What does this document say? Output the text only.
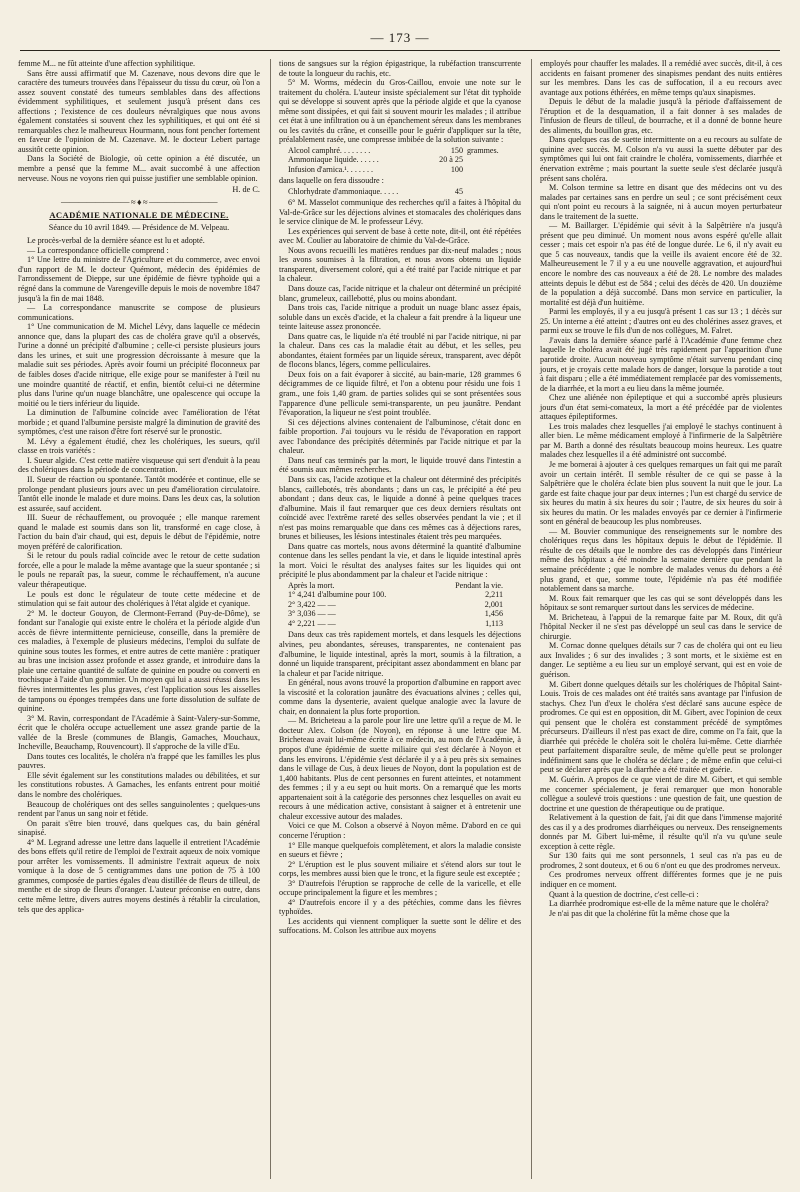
— 173 —

femme M... ne fût atteinte d'une affection syphilitique.

Sans être aussi affirmatif que M. Cazenave, nous devons dire que le caractère des tumeurs trouvées dans l'épaisseur du tissu du cœur, où l'on a assez souvent constaté des tumeurs semblables dans des affections évidemment syphilitiques, et seulement jusqu'à présent dans ces affections ; l'existence de ces douleurs névralgiques que nous avons également constatées si souvent chez les syphilitiques, et qui ont été si remarquables chez le malheureux Hourmann, nous font pencher fortement en faveur de l'opinion de M. Cazenave. M. le docteur Lebert partage aussitôt cette opinion.

Dans la Société de Biologie, où cette opinion a été discutée, un membre a pensé que la femme M... avait succombé à une affection nerveuse. Nous ne voyons rien qui puisse justifier une semblable opinion.

H. de C.
———————— ≈ ♦ ≈ ————————
ACADÉMIE NATIONALE DE MÉDECINE.
Séance du 10 avril 1849. — Présidence de M. Velpeau.

Le procès-verbal de la dernière séance est lu et adopté.

— La correspondance officielle comprend :

1° Une lettre du ministre de l'Agriculture et du commerce, avec envoi d'un rapport de M. le docteur Quémont, médecin des épidémies de l'arrondissement de Dieppe, sur une épidémie de fièvre typhoïde qui a régné dans la commune de Varengeville depuis le mois de novembre 1847 jusqu'à la fin de mai 1848.

— La correspondance manuscrite se compose de plusieurs communications.

1° Une communication de M. Michel Lévy, dans laquelle ce médecin annonce que, dans la plupart des cas de choléra grave qu'il a observés, l'urine a donné un précipité d'albumine ; celle-ci persiste plusieurs jours dans les urines, et suit une progression décroissante à mesure que la maladie suit ses périodes. Après avoir fourni un précipité floconneux par de faibles doses d'acide nitrique, elle exige pour se manifester à l'œil nu une moindre quantité de réactif, et enfin, bientôt celui-ci ne détermine plus dans l'urine qu'un nuage blanchâtre, une opalescence qui occupe la moitié ou le tiers inférieur du liquide.

La diminution de l'albumine coïncide avec l'amélioration de l'état morbide ; et quand l'albumine persiste malgré la diminution de gravité des symptômes, c'est une raison d'être fort réservé sur le pronostic.

M. Lévy a également étudié, chez les cholériques, les sueurs, qu'il classe en trois variétés :

I. Sueur algide. C'est cette matière visqueuse qui sert d'enduit à la peau des cholériques dans la période de concentration.

II. Sueur de réaction ou spontanée. Tantôt modérée et continue, elle se prolonge pendant plusieurs jours avec un peu d'amélioration circulatoire. Tantôt elle inonde le malade et dure moins. Dans les deux cas, la solution est assurée, sauf accident.

III. Sueur de réchauffement, ou provoquée ; elle manque rarement quand le malade est soumis dans son lit, transformé en cage close, à l'action du bain d'air chaud, qui est, depuis le début de l'épidémie, notre moyen préféré de calorification.

Si le retour du pouls radial coïncide avec le retour de cette sudation forcée, elle a pour le malade la même avantage que la sueur spontanée ; si le pouls ne reparaît pas, la sueur, comme le réchauffement, n'a aucune valeur thérapeutique.

Le pouls est donc le régulateur de toute cette médecine et de stimulation qui se fait autour des cholériques à l'état algide et cyanique.

2° M. le docteur Gouyon, de Clermont-Ferrand (Puy-de-Dôme), se fondant sur l'analogie qui existe entre le choléra et la période algide d'un accès de fièvre intermittente pernicieuse, conseille, dans la première de ces maladies, à l'exemple de plusieurs médecins, l'emploi du sulfate de quinine sous toutes les formes, et entre autres de cette manière : pratiquer au bras une incision assez profonde et assez grande, et introduire dans la plaie une certaine quantité de sulfate de quinine en poudre ou converti en trochisque à l'aide d'un gommier. Un moyen qui lui a aussi réussi dans les fièvres intermittentes les plus graves, c'est l'application sous les aisselles de tampons ou éponges trempées dans une forte dissolution de sulfate de quinine.

3° M. Ravin, correspondant de l'Académie à Saint-Valery-sur-Somme, écrit que le choléra occupe actuellement une assez grande partie de la vallée de la Bresle (communes de Blangis, Gamaches, Mouchaux, Incheville, Beauchamp, Rouvencourt). Il s'approche de la ville d'Eu.

Dans toutes ces localités, le choléra n'a frappé que les familles les plus pauvres.

Elle sévit également sur les constitutions malades ou débilitées, et sur les constitutions robustes. A Gamaches, les enfants entrent pour moitié dans le nombre des cholériques.

Beaucoup de cholériques ont des selles sanguinolentes ; quelques-uns rendent par l'anus un sang noir et fétide.

On parait s'être bien trouvé, dans quelques cas, du bain général sinapisé.

4° M. Legrand adresse une lettre dans laquelle il entretient l'Académie des bons effets qu'il retire de l'emploi de l'extrait aqueux de noix vomique pour arrêter les vomissements. Il administre l'extrait aqueux de noix vomique à la dose de 5 centigrammes dans une potion de 75 à 100 grammes, composée de parties égales d'eau distillée de fleurs de tilleul, de menthe et de sirop de fleurs d'oranger. L'auteur préconise en outre, dans cette même lettre, divers autres moyens destinés à rétablir la circulation, tels que des applica-

tions de sangsues sur la région épigastrique, la rubéfaction transcurrente de toute la longueur du rachis, etc.

5° M. Worms, médecin du Gros-Caillou, envoie une note sur le traitement du choléra. L'auteur insiste spécialement sur l'état dit typhoïde qui se développe si souvent après que la période algide et que la cyanose même sont dissipées, et qui fait si souvent mourir les malades ; il attribue cet état à une infiltration ou à un épanchement séreux dans les membranes ou les cavités du crâne, et conseille pour le guérir d'appliquer sur la tête, préalablement rasée, une compresse imbibée de la solution suivante :

Alcool camphré. . . . . . . .	150	grammes.
Ammoniaque liquide. . . . . .	20 à 25	
Infusion d'arnica.¹. . . . . . .	100	

dans laquelle on fera dissoudre :

Chlorhydrate d'ammoniaque. . . . .	45	

6° M. Masselot communique des recherches qu'il a faites à l'hôpital du Val-de-Grâce sur les déjections alvines et stomacales des cholériques dans le service clinique de M. le professeur Lévy.

Les expériences qui servent de base à cette note, dit-il, ont été répétées avec M. Coulier au laboratoire de chimie du Val-de-Grâce.

Nous avons recueilli les matières rendues par dix-neuf malades ; nous les avons soumises à la filtration, et nous avons obtenu un liquide transparent, diversement coloré, qui a été traité par l'acide nitrique et par la chaleur.

Dans douze cas, l'acide nitrique et la chaleur ont déterminé un précipité blanc, grumeleux, caillebotté, plus ou moins abondant.

Dans trois cas, l'acide nitrique a produit un nuage blanc assez épais, soluble dans un excès d'acide, et la chaleur a fait prendre à la liqueur une teinte laiteuse assez prononcée.

Dans quatre cas, le liquide n'a été troublé ni par l'acide nitrique, ni par la chaleur. Dans ces cas la maladie était au début, et les selles, peu abondantes, étaient formées par un liquide séreux, transparent, avec dépôt de flocons blancs, légers, comme pelliculaires.

Deux fois on a fait évaporer à siccité, au bain-marie, 128 grammes 6 décigrammes de ce liquide filtré, et l'on a obtenu pour résidu une fois 1 gram., une fois 1,40 gram. de parties solides qui se sont présentées sous l'apparence d'une pellicule semi-transparente, un peu jaunâtre. Pendant l'évaporation, la liqueur ne s'est point troublée.

Si ces déjections alvines contenaient de l'albuminose, c'était donc en faible proportion. J'ai toujours vu le résidu de l'évaporation en rapport avec l'abondance des précipités déterminés par l'acide nitrique et par la chaleur.

Dans neuf cas terminés par la mort, le liquide trouvé dans l'intestin a été soumis aux mêmes recherches.

Dans six cas, l'acide azotique et la chaleur ont déterminé des précipités blancs, caillebotés, très abondants ; dans un cas, le précipité a été peu abondant ; dans deux cas, le liquide a donné à peine quelques traces d'albumine. Mais il faut remarquer que ces deux derniers résultats ont coïncidé avec l'extrême rareté des selles observées pendant la vie ; et il n'est pas moins remarquable que dans ces mêmes cas à déjections rares, brunes et bilieuses, les lésions intestinales étaient très peu marquées.

Dans quatre cas mortels, nous avons déterminé la quantité d'albumine contenue dans les selles pendant la vie, et dans le liquide intestinal après la mort. Voici le résultat des analyses faites sur les liquides qui ont précipité le plus abondamment par la chaleur et l'acide nitrique :

Après la mort.	Pendant la vie.
1° 4,241 d'albumine pour 100.	2,211
2° 3,422 — —	2,001
3° 3,036 — —	1,456
4° 2,221 — —	1,113

Dans deux cas très rapidement mortels, et dans lesquels les déjections alvines, peu abondantes, séreuses, transparentes, ne contenaient pas d'albumine, le liquide intestinal, après la mort, soumis à la filtration, a donné un liquide transparent, précipitant assez abondamment en blanc par la chaleur et par l'acide nitrique.

En général, nous avons trouvé la proportion d'albumine en rapport avec la viscosité et la coloration jaunâtre des évacuations alvines ; celles qui, comme dans la dysenterie, avaient quelque analogie avec la lavure de chair, en donnaient la plus forte proportion.

— M. Bricheteau a la parole pour lire une lettre qu'il a reçue de M. le docteur Alex. Colson (de Noyon), en réponse à une lettre que M. Bricheteau avait lui-même écrite à ce médecin, au nom de l'Académie, à propos d'une épidémie de suette miliaire qui s'est déclarée à Noyon et dans les environs. L'épidémie s'est déclarée il y a à peu près six semaines dans le village de Cus, à deux lieues de Noyon, dont la population est de 1,400 habitants. Plus de cent personnes en furent atteintes, et notamment des femmes ; il y a eu sept ou huit morts. On a remarqué que les morts appartenaient soit à la catégorie des personnes chez lesquelles on avait eu recours à une médication active, consistant à saigner et à entretenir une chaleur excessive autour des malades.

Voici ce que M. Colson a observé à Noyon même. D'abord en ce qui concerne l'éruption :

1° Elle manque quelquefois complètement, et alors la maladie consiste en sueurs et fièvre ;

2° L'éruption est le plus souvent miliaire et s'étend alors sur tout le corps, les membres aussi bien que le tronc, et la figure seule est exceptée ;

3° D'autrefois l'éruption se rapproche de celle de la varicelle, et elle occupe principalement la figure et les membres ;

4° D'autrefois encore il y a des pétéchies, comme dans les fièvres typhoïdes.

Les accidents qui viennent compliquer la suette sont le délire et des suffocations. M. Colson les attribue aux moyens

employés pour chauffer les malades. Il a remédié avec succès, dit-il, à ces accidents en faisant promener des sinapismes pendant des nuits entières sur les membres. Dans les cas de suffocation, il a eu recours avec avantage aux potions éthérées, en même temps qu'aux sinapismes.

Depuis le début de la maladie jusqu'à la période d'affaissement de l'éruption et de la desquamation, il a fait donner à ses malades de l'infusion de fleurs de tilleul, de bourrache, et il a donné de bonne heure des aliments, du bouillon gras, etc.

Dans quelques cas de suette intermittente on a eu recours au sulfate de quinine avec succès. M. Colson n'a vu aussi la suette débuter par des symptômes qui lui ont fait craindre le choléra, vomissements, diarrhée et énervation extrême ; mais pourtant la suette seule s'est déclarée jusqu'à présent sans choléra.

M. Colson termine sa lettre en disant que des médecins ont vu des malades par certaines sans en perdre un seul ; ce sont précisément ceux qui n'ont point eu recours à la saignée, ni à aucun moyen perturbateur dans le traitement de la suette.

— M. Baillarger. L'épidémie qui sévit à la Salpêtrière n'a jusqu'à présent que peu diminué. Un moment nous avons espéré qu'elle allait cesser ; mais cet espoir n'a pas été de longue durée. Le 6, il n'y avait eu que 5 cas nouveaux, tandis que la veille ils avaient encore été de 32. Malheureusement le 7 il y a eu une nouvelle aggravation, et aujourd'hui encore le nombre des cas nouveaux a été de 28. Le nombre des malades atteints depuis le début est de 584 ; celui des décès de 420. Un douzième de la population a déjà succombé. Dans mon service en particulier, la mortalité est déjà d'un huitième.

Parmi les employés, il y a eu jusqu'à présent 1 cas sur 13 ; 1 décès sur 25. Un interne a été atteint ; d'autres ont eu des cholérines assez graves, et parmi eux se trouve le fils d'un de nos collègues, M. Falret.

J'avais dans la dernière séance parlé à l'Académie d'une femme chez laquelle le choléra avait été jugé très rapidement par l'apparition d'une parotide droite. Aucun nouveau symptôme n'était survenu pendant cinq jours, et je croyais cette malade hors de danger, lorsque la parotide a tout à fait disparu ; elle a été immédiatement remplacée par des vomissements, de la diarrhée, et la mort a eu lieu dans la même journée.

Chez une aliénée non épileptique et qui a succombé après plusieurs jours d'un état semi-comateux, la mort a été précédée par de violentes attaques épileptiformes.

Les trois malades chez lesquelles j'ai employé le stachys continuent à aller bien. Le même médicament employé à l'infirmerie de la Salpêtrière par M. Barth a donné des résultats beaucoup moins heureux. Les quatre malades chez lesquelles il a été administré ont succombé.

Je me bornerai à ajouter à ces quelques remarques un fait qui me paraît avoir un certain intérêt. Il semble résulter de ce qui se passe à la Salpêtrière que le choléra éclate bien plus souvent la nuit que le jour. La garde est faite chaque jour par deux internes ; l'un est chargé du service de six heures du matin à six heures du soir ; l'autre, de six heures du soir à six heures du matin. Or les malades envoyés par ce dernier à l'infirmerie sont en général de beaucoup les plus nombreuses.

— M. Bouvier communique des renseignements sur le nombre des cholériques reçus dans les hôpitaux depuis le début de l'épidémie. Il résulte de ces détails que le nombre des cas développés dans l'intérieur même des hôpitaux a été moindre la semaine dernière que pendant la semaine précédente ; que le nombre de malades venus du dehors a été plus grand, et que, somme toute, l'épidémie n'a pas été modifiée notablement dans sa marche.

M. Roux fait remarquer que les cas qui se sont développés dans les hôpitaux se sont remarquer surtout dans les services de médecine.

M. Bricheteau, à l'appui de la remarque faite par M. Roux, dit qu'à l'hôpital Necker il ne s'est pas développé un seul cas dans le service de chirurgie.

M. Cornac donne quelques détails sur 7 cas de choléra qui ont eu lieu aux Invalides ; 6 sur des invalides ; 3 sont morts, et le sixième est en danger. Le septième a eu lieu sur un employé servant, qui est en voie de guérison.

M. Gibert donne quelques détails sur les cholériques de l'hôpital Saint-Louis. Trois de ces malades ont été traités sans avantage par l'infusion de stachys. Chez l'un d'eux le choléra s'est déclaré sans aucune espèce de prodromes. Ce qui est en opposition, dit M. Gibert, avec l'opinion de ceux qui pensent que le choléra est constamment précédé de symptômes précurseurs. D'ailleurs il n'est pas exact de dire, comme on l'a fait, que la diarrhée qui précède le choléra soit le choléra lui-même. Cette diarrhée peut parfaitement disparaître seule, de même qu'elle peut se prolonger indéfiniment sans que le choléra se déclare ; de même enfin que celui-ci peut se déclarer après que la diarrhée a été traitée et guérie.

M. Guérin. A propos de ce que vient de dire M. Gibert, et qui semble me concerner spécialement, je ferai remarquer que mon honorable collègue a soulevé trois questions : une question de fait, une question de doctrine et une question de thérapeutique ou de pratique.

Relativement à la question de fait, j'ai dit que dans l'immense majorité des cas il y a des prodromes diarrhéiques ou nerveux. Des renseignements donnés par M. Gibert lui-même, il résulte qu'il n'a vu qu'une seule exception à cette règle.

Sur 130 faits qui me sont personnels, 1 seul cas n'a pas eu de prodromes, 2 sont douteux, et 6 ou 6 n'ont eu que des prodromes nerveux.

Ces prodromes nerveux offrent différentes formes que je ne puis indiquer en ce moment.

Quant à la question de doctrine, c'est celle-ci :

La diarrhée prodromique est-elle de la même nature que le choléra?

Je n'ai pas dit que la cholérine fût la même chose que la
